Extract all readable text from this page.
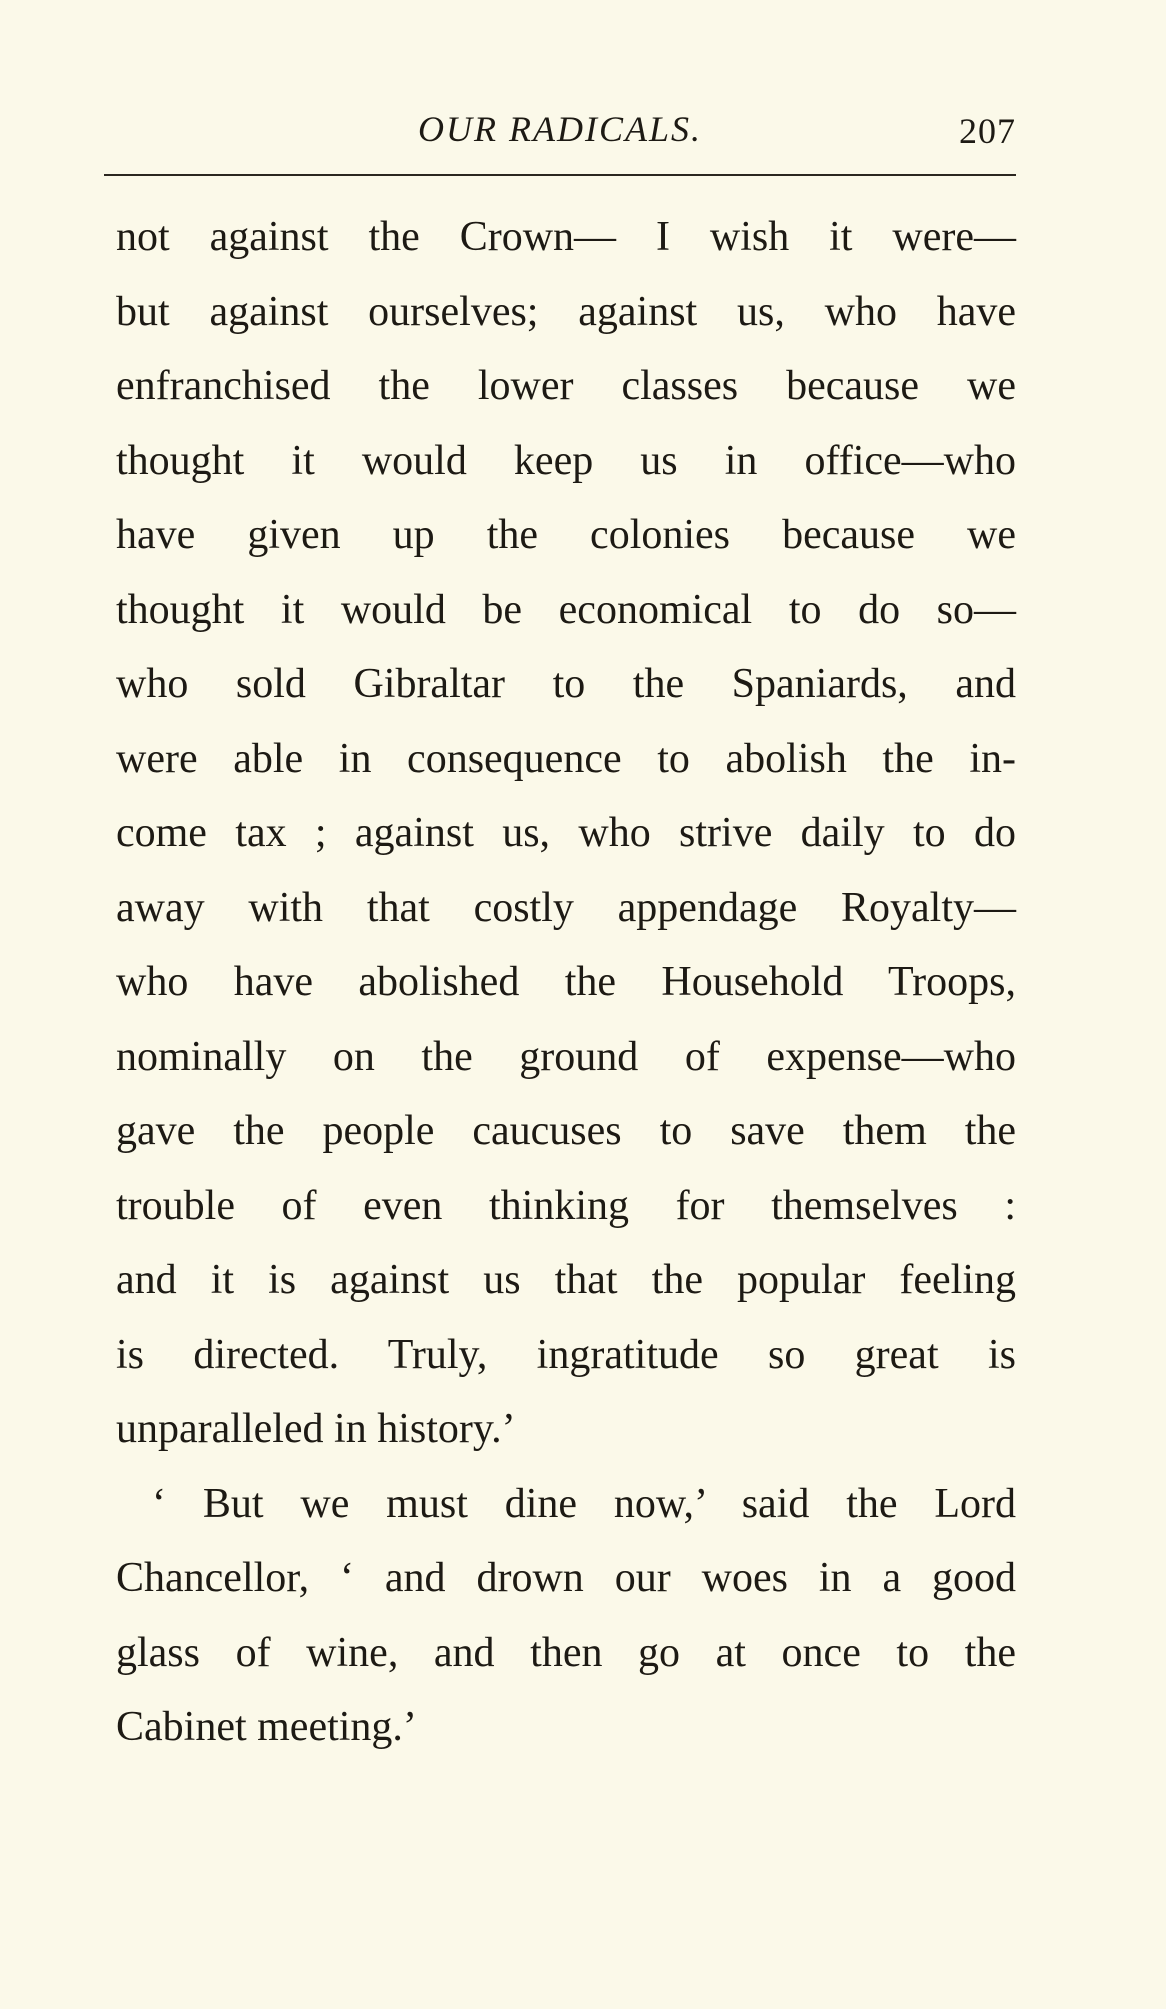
OUR RADICALS.	207
not against the Crown— I wish it were—
but against ourselves; against us, who have
enfranchised the lower classes because we
thought it would keep us in office—who
have given up the colonies because we
thought it would be economical to do so—
who sold Gibraltar to the Spaniards, and
were able in consequence to abolish the in-
come tax ; against us, who strive daily to do
away with that costly appendage Royalty—
who have abolished the Household Troops,
nominally on the ground of expense—who
gave the people caucuses to save them the
trouble of even thinking for themselves :
and it is against us that the popular feeling
is directed. Truly, ingratitude so great is
unparalleled in history.’
‘ But we must dine now,’ said the Lord
Chancellor, ‘ and drown our woes in a good
glass of wine, and then go at once to the
Cabinet meeting.’
